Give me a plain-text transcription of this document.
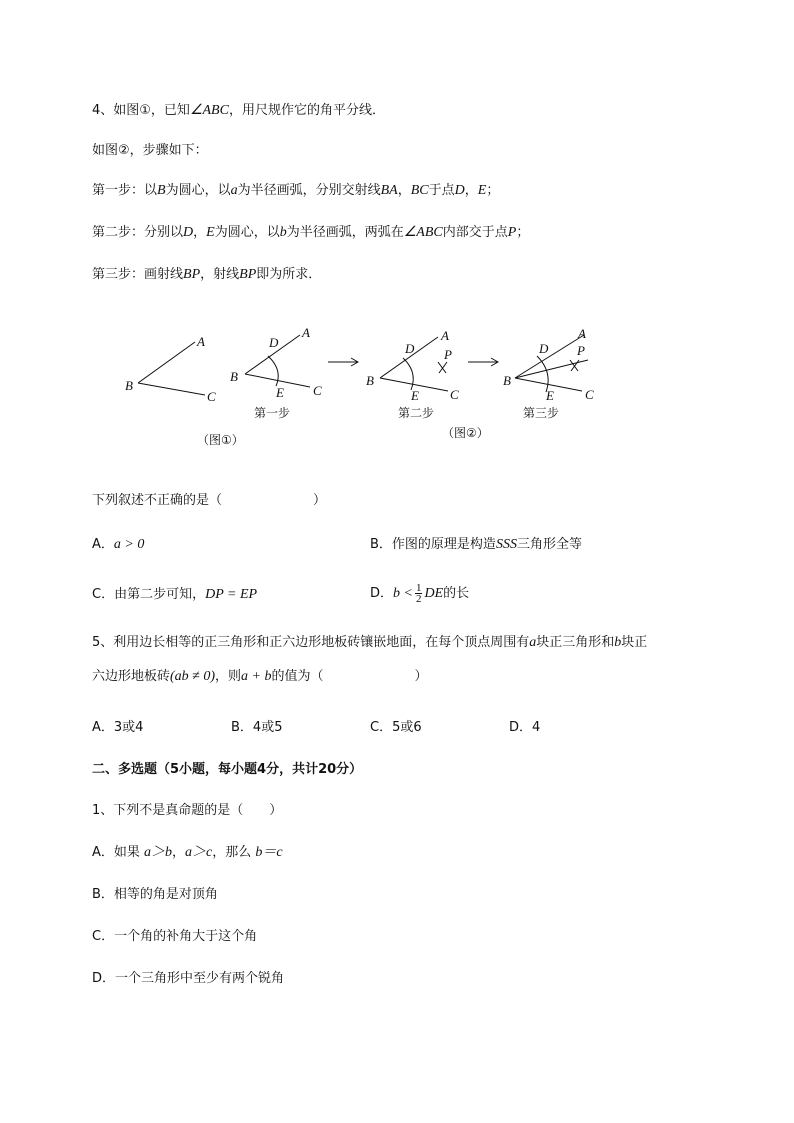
4、如图①，已知∠ABC，用尺规作它的角平分线．
如图②，步骤如下：
第一步：以B为圆心，以a为半径画弧，分别交射线BA，BC于点D，E；
第二步：分别以D，E为圆心，以b为半径画弧，两弧在∠ABC内部交于点P；
第三步：画射线BP，射线BP即为所求．
A
B
C
A
B
C
D
E
A
B
C
D
E
P
A
B
C
D
E
P
第一步	第二步	第三步
（图①）	（图②）
下列叙述不正确的是（　　　　　　　）
A．a > 0	B．作图的原理是构造SSS三角形全等
C．由第二步可知，DP = EP	D．$b < \frac{1}{2}$ DE的长
5、利用边长相等的正三角形和正六边形地板砖镶嵌地面，在每个顶点周围有a块正三角形和b块正
六边形地板砖(ab ≠ 0)，则a + b的值为（　　　　　　　）
A．3或4	B．4或5	C．5或6	D．4
二、多选题（5小题，每小题4分，共计20分）
1、下列不是真命题的是（　　）
A．如果 a＞b，a＞c，那么 b＝c
B．相等的角是对顶角
C．一个角的补角大于这个角
D．一个三角形中至少有两个锐角
